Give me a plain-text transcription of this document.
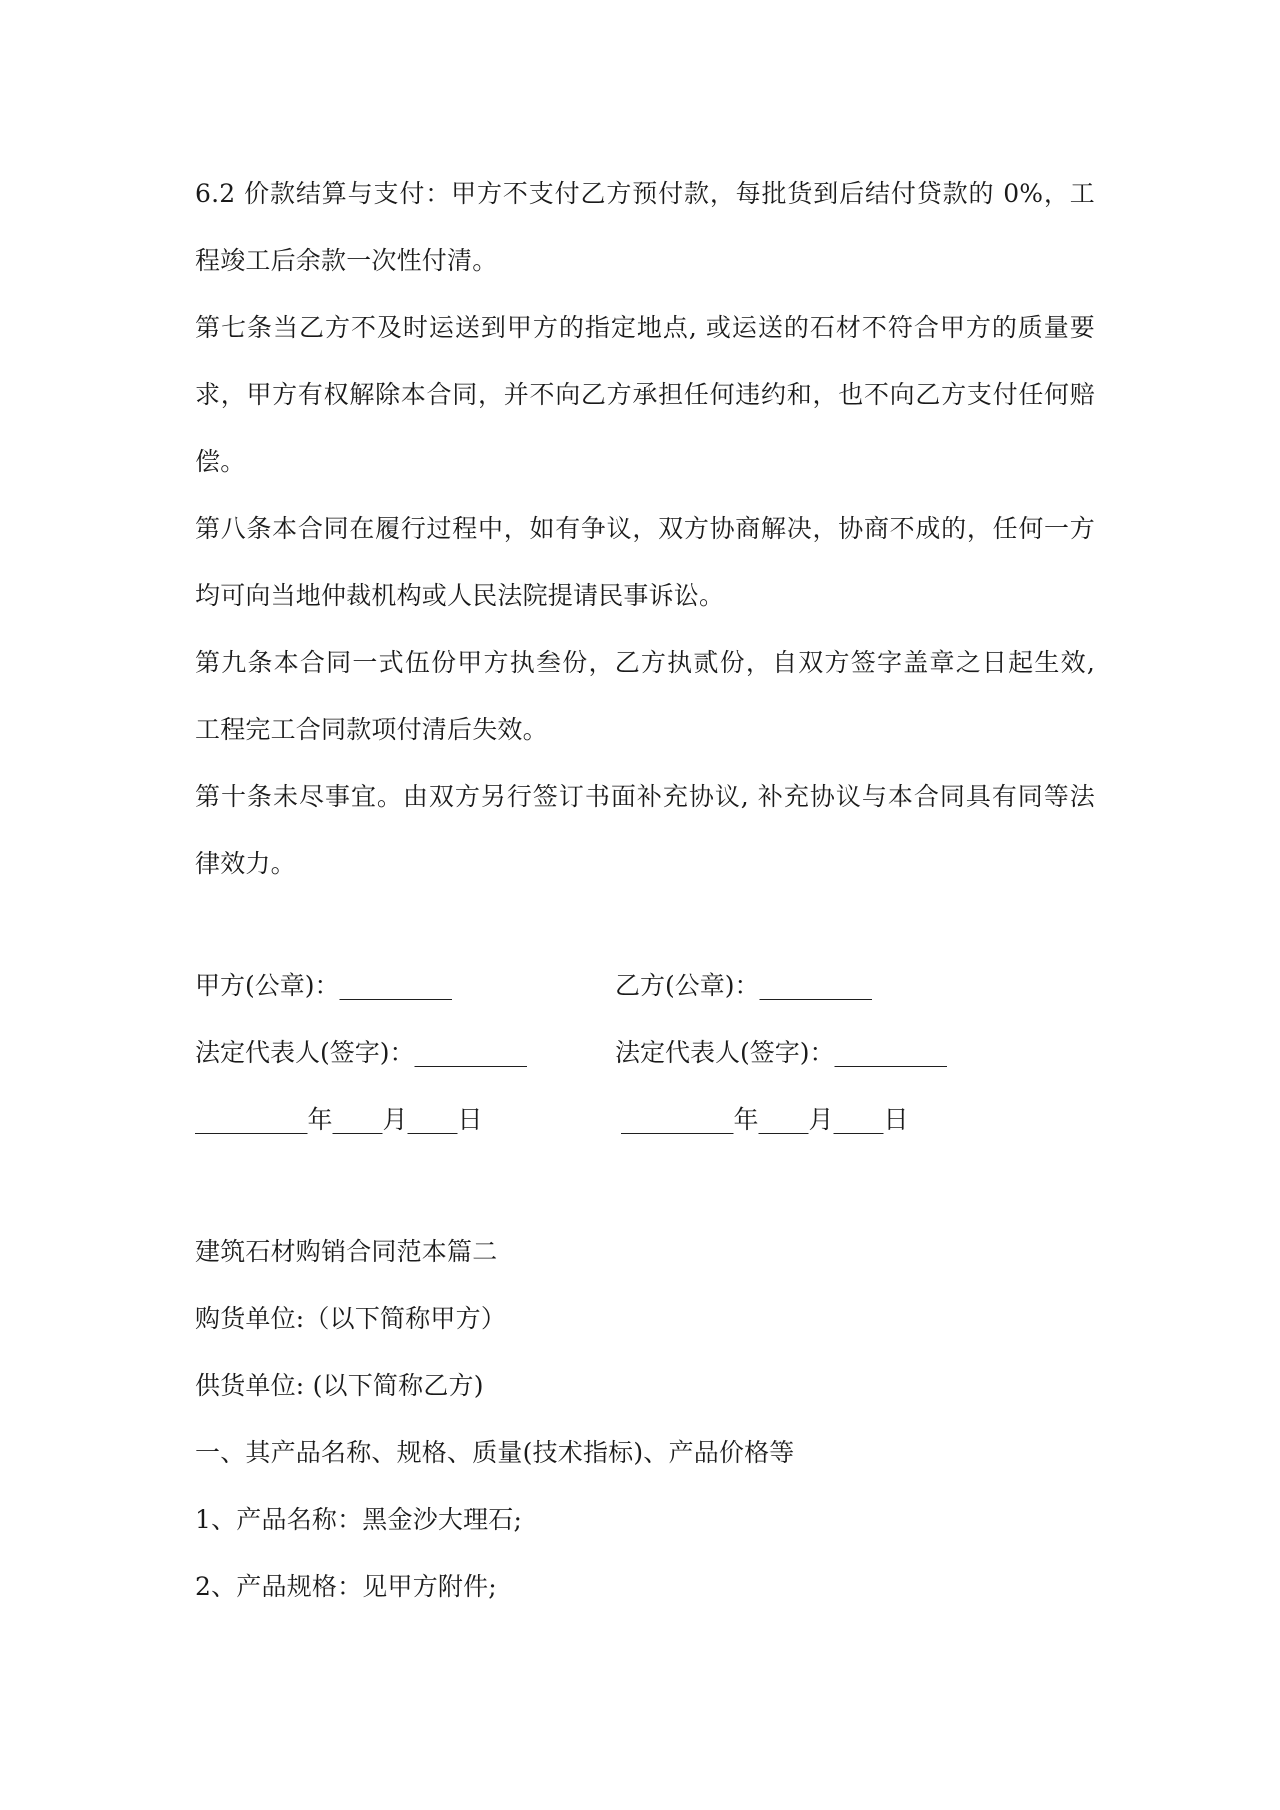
6.2 价款结算与支付：甲方不支付乙方预付款，每批货到后结付贷款的 0%，工
程竣工后余款一次性付清。
第七条当乙方不及时运送到甲方的指定地点, 或运送的石材不符合甲方的质量要
求，甲方有权解除本合同，并不向乙方承担任何违约和，也不向乙方支付任何赔
偿。
第八条本合同在履行过程中，如有争议，双方协商解决，协商不成的，任何一方
均可向当地仲裁机构或人民法院提请民事诉讼。
第九条本合同一式伍份甲方执叁份，乙方执贰份，自双方签字盖章之日起生效,
工程完工合同款项付清后失效。
第十条未尽事宜。由双方另行签订书面补充协议, 补充协议与本合同具有同等法
律效力。
甲方(公章)：_________	乙方(公章)：_________
法定代表人(签字)：_________	法定代表人(签字)：_________
_________年____月____日	_________年____月____日
建筑石材购销合同范本篇二
购货单位:（以下简称甲方）
供货单位: (以下简称乙方)
一、其产品名称、规格、质量(技术指标)、产品价格等
1、产品名称：黑金沙大理石;
2、产品规格：见甲方附件;
